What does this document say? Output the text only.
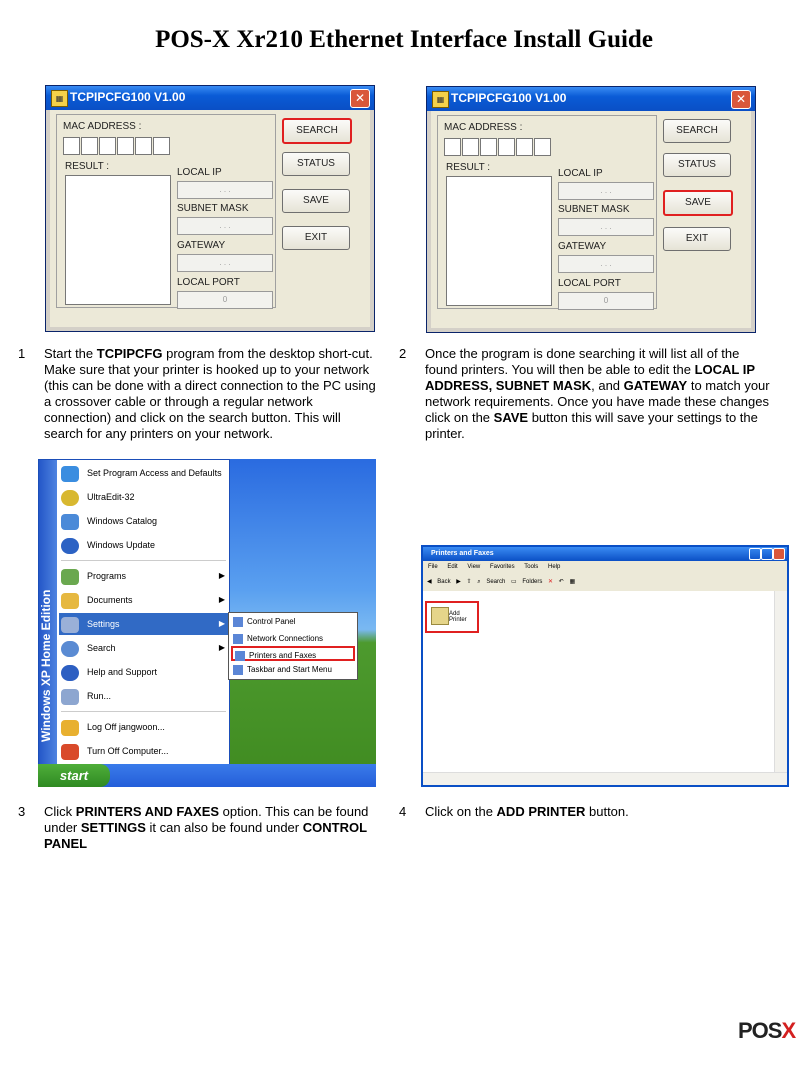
POS-X Xr210 Ethernet Interface Install Guide
▦ TCPIPCFG100 V1.00	✕
MAC ADDRESS :
RESULT :
LOCAL IP
. . .
SUBNET MASK
. . .
GATEWAY
. . .
LOCAL PORT
0
SEARCH
STATUS
SAVE
EXIT
▦ TCPIPCFG100 V1.00	✕
MAC ADDRESS :
RESULT :
LOCAL IP
. . .
SUBNET MASK
. . .
GATEWAY
. . .
LOCAL PORT
0
SEARCH
STATUS
SAVE
EXIT
1 Start the TCPIPCFG program from the desktop short-cut. Make sure that your printer is hooked up to your network (this can be done with a direct connection to the PC using a crossover cable or through a regular network connection) and click on the search button. This will search for any printers on your network.
2 Once the program is done searching it will list all of the found printers. You will then be able to edit the LOCAL IP ADDRESS, SUBNET MASK, and GATEWAY to match your network requirements. Once you have made these changes click on the SAVE button this will save your settings to the printer.
Windows XP Home Edition
Set Program Access and Defaults
UltraEdit-32
Windows Catalog
Windows Update
Programs	▶
Documents	▶
Settings	▶
Search	▶
Help and Support
Run...
Log Off jangwoon...
Turn Off Computer...
Control Panel
Network Connections
Printers and Faxes
Taskbar and Start Menu
start
Printers and Faxes
File Edit View Favorites Tools Help
◀ Back ▶ ⇧ ⌕ Search ▭ Folders ✕ ↶ ▦
Add Printer
3 Click PRINTERS AND FAXES option. This can be found under SETTINGS it can also be found under CONTROL PANEL
4 Click on the ADD PRINTER button.
POSX
